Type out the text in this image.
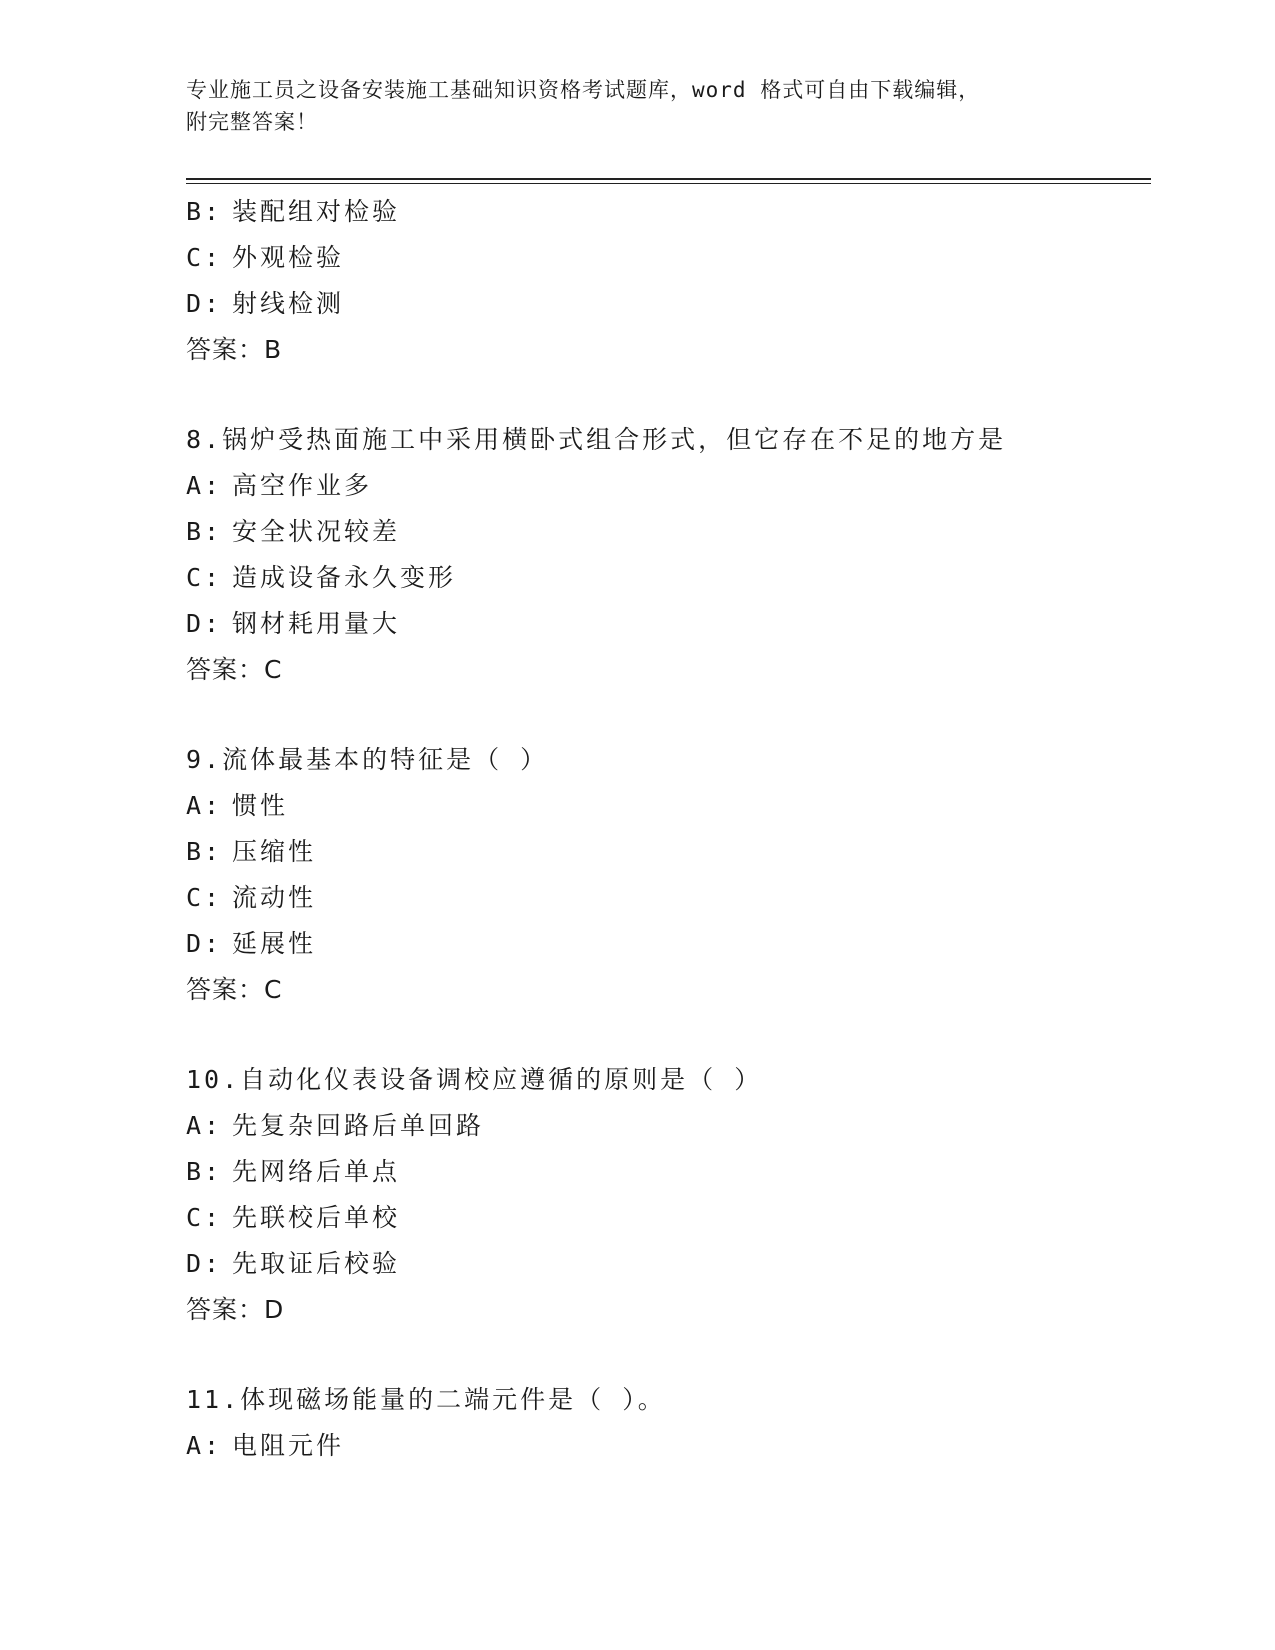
专业施工员之设备安装施工基础知识资格考试题库，word 格式可自由下载编辑，
附完整答案！
B: 装配组对检验
C: 外观检验
D: 射线检测
答案：B
8.锅炉受热面施工中采用横卧式组合形式，但它存在不足的地方是
A: 高空作业多
B: 安全状况较差
C: 造成设备永久变形
D: 钢材耗用量大
答案：C
9.流体最基本的特征是（ ）
A: 惯性
B: 压缩性
C: 流动性
D: 延展性
答案：C
10.自动化仪表设备调校应遵循的原则是（ ）
A: 先复杂回路后单回路
B: 先网络后单点
C: 先联校后单校
D: 先取证后校验
答案：D
11.体现磁场能量的二端元件是（ ）。
A: 电阻元件
